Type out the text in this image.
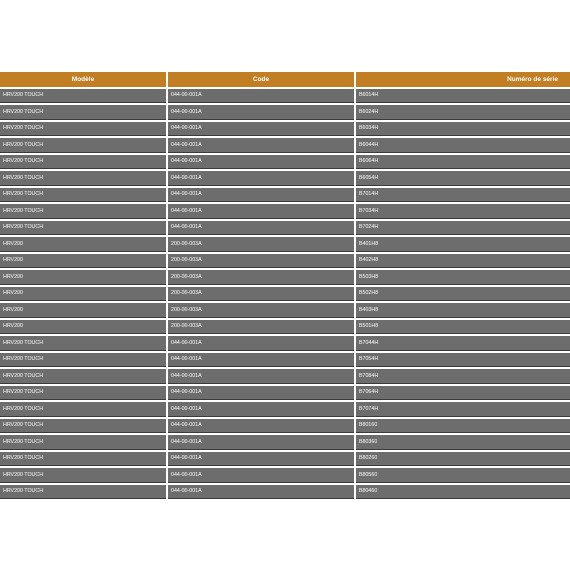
Modèle	Code	Numéro de série
HRV200 TOUCH	044-00-001A	B6014H
HRV200 TOUCH	044-00-001A	B6024H
HRV200 TOUCH	044-00-001A	B6034H
HRV200 TOUCH	044-00-001A	B6044H
HRV200 TOUCH	044-00-001A	B6064H
HRV200 TOUCH	044-00-001A	B6054H
HRV200 TOUCH	044-00-001A	B7014H
HRV200 TOUCH	044-00-001A	B7034H
HRV200 TOUCH	044-00-001A	B7024H
HRV200	200-00-003A	B401H8
HRV200	200-00-003A	B402H8
HRV200	200-00-003A	B503H8
HRV200	200-00-003A	B502H8
HRV200	200-00-003A	B403H8
HRV200	200-00-003A	B501H8
HRV200 TOUCH	044-00-001A	B7044H
HRV200 TOUCH	044-00-001A	B7054H
HRV200 TOUCH	044-00-001A	B7084H
HRV200 TOUCH	044-00-001A	B7064H
HRV200 TOUCH	044-00-001A	B7074H
HRV200 TOUCH	044-00-001A	B80160
HRV200 TOUCH	044-00-001A	B80360
HRV200 TOUCH	044-00-001A	B80260
HRV200 TOUCH	044-00-001A	B80560
HRV200 TOUCH	044-00-001A	B80460
